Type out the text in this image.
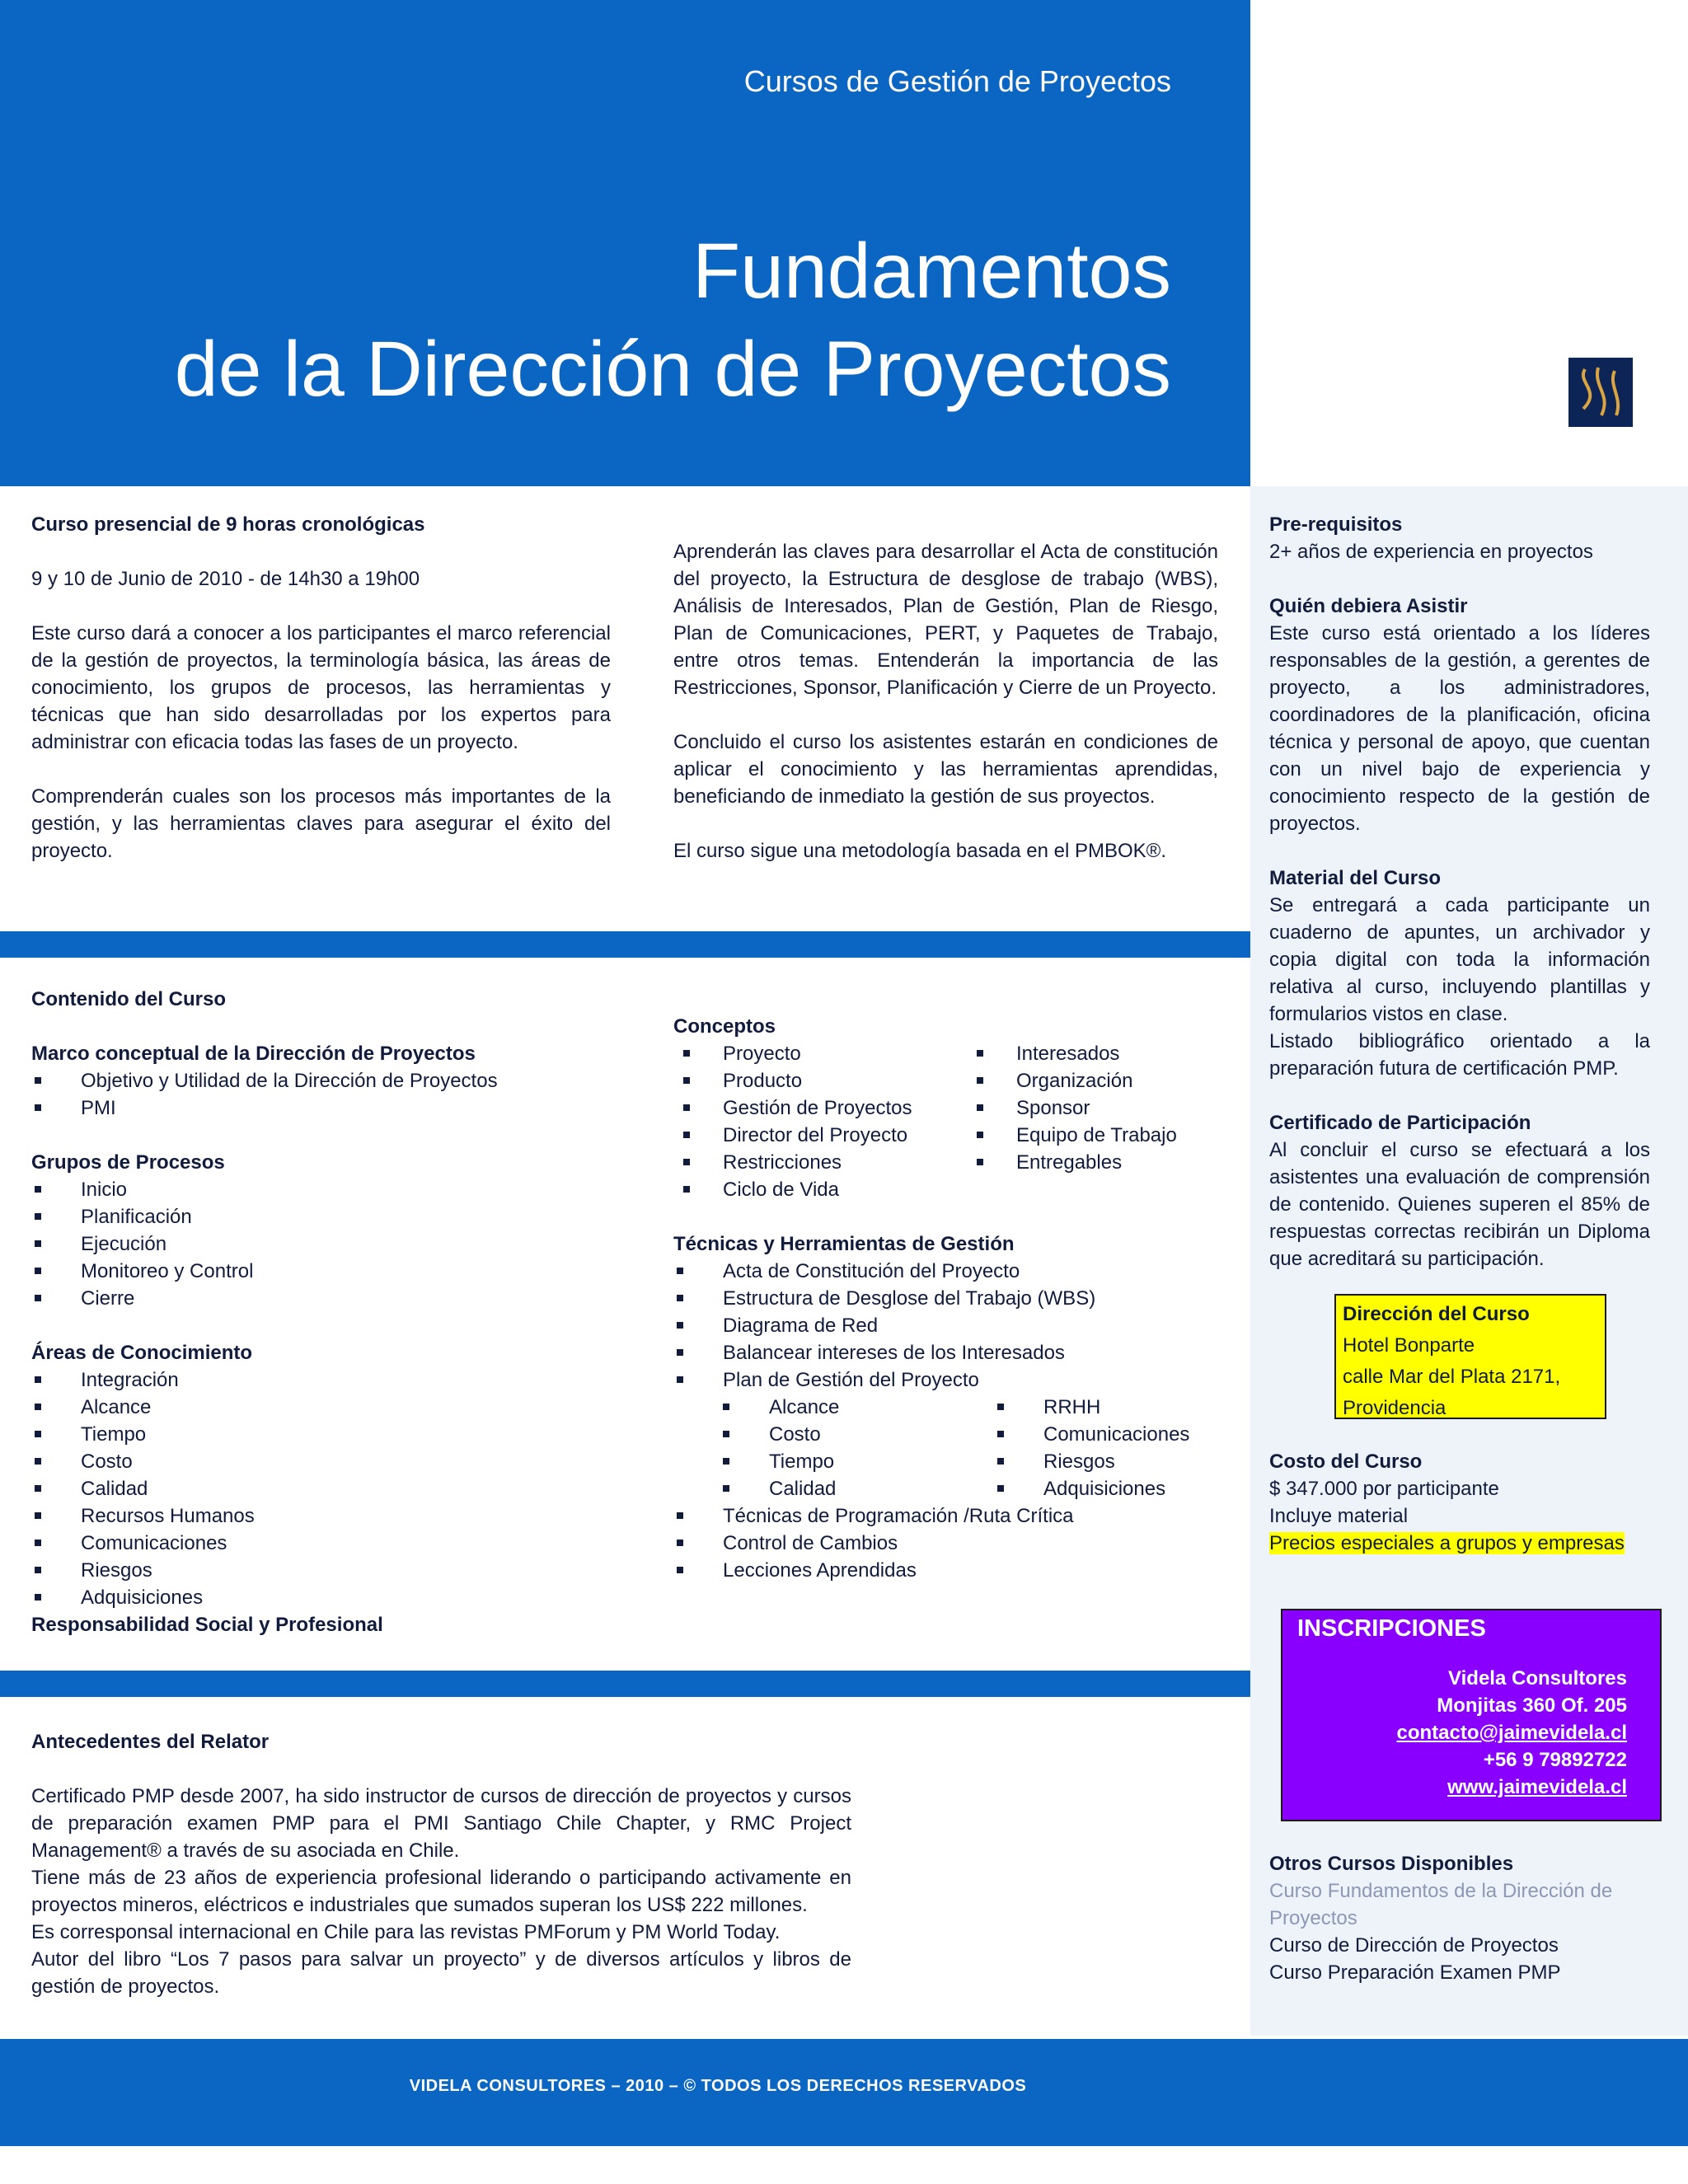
Cursos de Gestión de Proyectos
Fundamentos
de la Dirección de Proyectos

Curso presencial de 9 horas cronológicas

9 y 10 de Junio de 2010 - de 14h30 a 19h00

Este curso dará a conocer a los participantes el marco referencial de la gestión de proyectos, la terminología básica, las áreas de conocimiento, los grupos de procesos, las herramientas y técnicas que han sido desarrolladas por los expertos para administrar con eficacia todas las fases de un proyecto.

Comprenderán cuales son los procesos más importantes de la gestión, y las herramientas claves para asegurar el éxito del proyecto.

Aprenderán las claves para desarrollar el Acta de constitución del proyecto, la Estructura de desglose de trabajo (WBS), Análisis de Interesados, Plan de Gestión, Plan de Riesgo, Plan de Comunicaciones, PERT, y Paquetes de Trabajo, entre otros temas. Entenderán la importancia de las Restricciones, Sponsor, Planificación y Cierre de un Proyecto.

Concluido el curso los asistentes estarán en condiciones de aplicar el conocimiento y las herramientas aprendidas, beneficiando de inmediato la gestión de sus proyectos.

El curso sigue una metodología basada en el PMBOK®.

Contenido del Curso

Marco conceptual de la Dirección de Proyectos

Objetivo y Utilidad de la Dirección de Proyectos
PMI

Grupos de Procesos

Inicio
Planificación
Ejecución
Monitoreo y Control
Cierre

Áreas de Conocimiento

Integración
Alcance
Tiempo
Costo
Calidad
Recursos Humanos
Comunicaciones
Riesgos
Adquisiciones

Responsabilidad Social y Profesional

Conceptos

Proyecto
Producto
Gestión de Proyectos
Director del Proyecto
Restricciones
Ciclo de Vida
Interesados
Organización
Sponsor
Equipo de Trabajo
Entregables

Técnicas y Herramientas de Gestión

Acta de Constitución del Proyecto
Estructura de Desglose del Trabajo (WBS)
Diagrama de Red
Balancear intereses de los Interesados
Plan de Gestión del Proyecto
Alcance
Costo
Tiempo
Calidad
RRHH
Comunicaciones
Riesgos
Adquisiciones
Técnicas de Programación /Ruta Crítica
Control de Cambios
Lecciones Aprendidas

Antecedentes del Relator

Certificado PMP desde 2007, ha sido instructor de cursos de dirección de proyectos y cursos de preparación examen PMP para el PMI Santiago Chile Chapter, y RMC Project Management® a través de su asociada en Chile.

Tiene más de 23 años de experiencia profesional liderando o participando activamente en proyectos mineros, eléctricos e industriales que sumados superan los US$ 222 millones.

Es corresponsal internacional en Chile para las revistas PMForum y PM World Today.

Autor del libro “Los 7 pasos para salvar un proyecto” y de diversos artículos y libros de gestión de proyectos.

Pre-requisitos

2+ años de experiencia en proyectos

Quién debiera Asistir

Este curso está orientado a los líderes responsables de la gestión, a gerentes de proyecto, a los administradores, coordinadores de la planificación, oficina técnica y personal de apoyo, que cuentan con un nivel bajo de experiencia y conocimiento respecto de la gestión de proyectos.

Material del Curso

Se entregará a cada participante un cuaderno de apuntes, un archivador y copia digital con toda la información relativa al curso, incluyendo plantillas y formularios vistos en clase.

Listado bibliográfico orientado a la preparación futura de certificación PMP.

Certificado de Participación

Al concluir el curso se efectuará a los asistentes una evaluación de comprensión de contenido. Quienes superen el 85% de respuestas correctas recibirán un Diploma que acreditará su participación.

Dirección del Curso
Hotel Bonparte
calle Mar del Plata 2171,
Providencia

Costo del Curso

$ 347.000 por participante

Incluye material

Precios especiales a grupos y empresas

INSCRIPCIONES
Videla Consultores
Monjitas 360 Of. 205
contacto@jaimevidela.cl
+56 9 79892722
www.jaimevidela.cl

Otros Cursos Disponibles

Curso Fundamentos de la Dirección de Proyectos

Curso de Dirección de Proyectos

Curso Preparación Examen PMP

VIDELA CONSULTORES – 2010 – © TODOS LOS DERECHOS RESERVADOS
